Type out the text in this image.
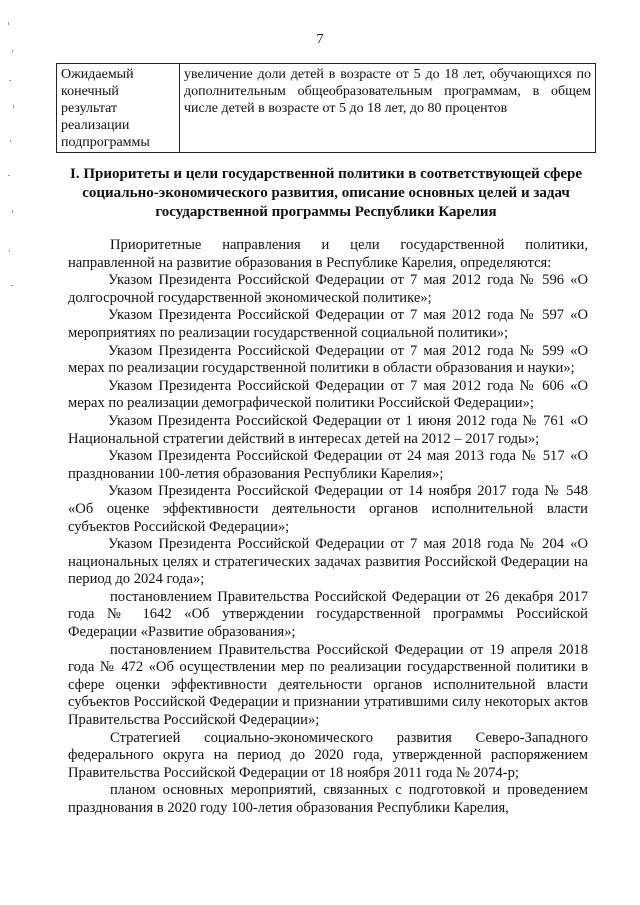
7
Ожидаемый конечный результат реализации подпрограммы	увеличение доли детей в возрасте от 5 до 18 лет, обучающихся по дополнительным общеобразовательным программам, в общем числе детей в возрасте от 5 до 18 лет, до 80 процентов
I. Приоритеты и цели государственной политики в соответствующей сфере социально-экономического развития, описание основных целей и задач государственной программы Республики Карелия

Приоритетные направления и цели государственной политики, направленной на развитие образования в Республике Карелия, определяются:

Указом Президента Российской Федерации от 7 мая 2012 года № 596 «О долгосрочной государственной экономической политике»;

Указом Президента Российской Федерации от 7 мая 2012 года № 597 «О мероприятиях по реализации государственной социальной политики»;

Указом Президента Российской Федерации от 7 мая 2012 года № 599 «О мерах по реализации государственной политики в области образования и науки»;

Указом Президента Российской Федерации от 7 мая 2012 года № 606 «О мерах по реализации демографической политики Российской Федерации»;

Указом Президента Российской Федерации от 1 июня 2012 года № 761 «О Национальной стратегии действий в интересах детей на 2012 – 2017 годы»;

Указом Президента Российской Федерации от 24 мая 2013 года № 517 «О праздновании 100-летия образования Республики Карелия»;

Указом Президента Российской Федерации от 14 ноября 2017 года № 548 «Об оценке эффективности деятельности органов исполнительной власти субъектов Российской Федерации»;

Указом Президента Российской Федерации от 7 мая 2018 года № 204 «О национальных целях и стратегических задачах развития Российской Федерации на период до 2024 года»;

постановлением Правительства Российской Федерации от 26 декабря 2017 года № 1642 «Об утверждении государственной программы Российской Федерации «Развитие образования»;

постановлением Правительства Российской Федерации от 19 апреля 2018 года № 472 «Об осуществлении мер по реализации государственной политики в сфере оценки эффективности деятельности органов исполнительной власти субъектов Российской Федерации и признании утратившими силу некоторых актов Правительства Российской Федерации»;

Стратегией социально-экономического развития Северо-Западного федерального округа на период до 2020 года, утвержденной распоряжением Правительства Российской Федерации от 18 ноября 2011 года № 2074-р;

планом основных мероприятий, связанных с подготовкой и проведением празднования в 2020 году 100-летия образования Республики Карелия,
